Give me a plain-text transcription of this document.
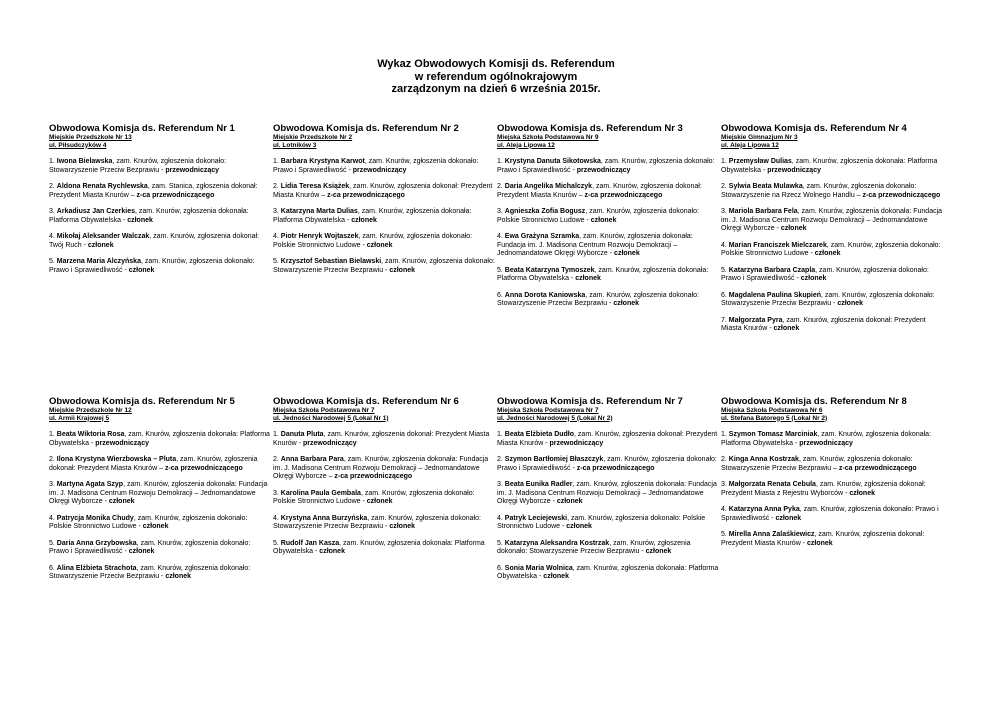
Wykaz Obwodowych Komisji ds. Referendum
w referendum ogólnokrajowym
zarządzonym na dzień 6 września 2015r.
Obwodowa Komisja ds. Referendum Nr 1
Miejskie Przedszkole Nr 13
ul. Piłsudczyków 4
1. Iwona Bielawska, zam. Knurów, zgłoszenia dokonało: Stowarzyszenie Przeciw Bezprawiu - przewodniczący
2. Aldona Renata Rychlewska, zam. Stanica, zgłoszenia dokonał: Prezydent Miasta Knurów – z-ca przewodniczącego
3. Arkadiusz Jan Czerkies, zam. Knurów, zgłoszenia dokonała: Platforma Obywatelska - członek
4. Mikołaj Aleksander Walczak, zam. Knurów, zgłoszenia dokonał: Twój Ruch - członek
5. Marzena Maria Alczyńska, zam. Knurów, zgłoszenia dokonało: Prawo i Sprawiedliwość - członek
Obwodowa Komisja ds. Referendum Nr 2
Miejskie Przedszkole Nr 2
ul. Lotników 3
1. Barbara Krystyna Karwot, zam. Knurów, zgłoszenia dokonało: Prawo i Sprawiedliwość - przewodniczący
2. Lidia Teresa Książek, zam. Knurów, zgłoszenia dokonał: Prezydent Miasta Knurów – z-ca przewodniczącego
3. Katarzyna Marta Dulias, zam. Knurów, zgłoszenia dokonała: Platforma Obywatelska - członek
4. Piotr Henryk Wojtaszek, zam. Knurów, zgłoszenia dokonało: Polskie Stronnictwo Ludowe - członek
5. Krzysztof Sebastian Bielawski, zam. Knurów, zgłoszenia dokonało: Stowarzyszenie Przeciw Bezprawiu - członek
Obwodowa Komisja ds. Referendum Nr 3
Miejska Szkoła Podstawowa Nr 9
ul. Aleja Lipowa 12
1. Krystyna Danuta Sikotowska, zam. Knurów, zgłoszenia dokonało: Prawo i Sprawiedliwość - przewodniczący
2. Daria Angelika Michalczyk, zam. Knurów, zgłoszenia dokonał: Prezydent Miasta Knurów – z-ca przewodniczącego
3. Agnieszka Zofia Bogusz, zam. Knurów, zgłoszenia dokonało: Polskie Stronnictwo Ludowe - członek
4. Ewa Grażyna Szramka, zam. Knurów, zgłoszenia dokonała: Fundacja im. J. Madisona Centrum Rozwoju Demokracji – Jednomandatowe Okręgi Wyborcze - członek
5. Beata Katarzyna Tymoszek, zam. Knurów, zgłoszenia dokonała: Platforma Obywatelska - członek
6. Anna Dorota Kaniowska, zam. Knurów, zgłoszenia dokonało: Stowarzyszenie Przeciw Bezprawiu - członek
Obwodowa Komisja ds. Referendum Nr 4
Miejskie Gimnazjum Nr 3
ul. Aleja Lipowa 12
1. Przemysław Dulias, zam. Knurów, zgłoszenia dokonała: Platforma Obywatelska - przewodniczący
2. Sylwia Beata Mulawka, zam. Knurów, zgłoszenia dokonało: Stowarzyszenie na Rzecz Wolnego Handlu – z-ca przewodniczącego
3. Mariola Barbara Fela, zam. Knurów, zgłoszenia dokonała: Fundacja im. J. Madisona Centrum Rozwoju Demokracji – Jednomandatowe Okręgi Wyborcze - członek
4. Marian Franciszek Mielczarek, zam. Knurów, zgłoszenia dokonało: Polskie Stronnictwo Ludowe - członek
5. Katarzyna Barbara Czapla, zam. Knurów, zgłoszenia dokonało: Prawo i Sprawiedliwość - członek
6. Magdalena Paulina Skupień, zam. Knurów, zgłoszenia dokonało: Stowarzyszenie Przeciw Bezprawiu - członek
7. Małgorzata Pyra, zam. Knurów, zgłoszenia dokonał: Prezydent Miasta Knurów - członek
Obwodowa Komisja ds. Referendum Nr 5
Miejskie Przedszkole Nr 12
ul. Armii Krajowej 5
1. Beata Wiktoria Rosa, zam. Knurów, zgłoszenia dokonała: Platforma Obywatelska - przewodniczący
2. Ilona Krystyna Wierzbowska – Pluta, zam. Knurów, zgłoszenia dokonał: Prezydent Miasta Knurów – z-ca przewodniczącego
3. Martyna Agata Szyp, zam. Knurów, zgłoszenia dokonała: Fundacja im. J. Madisona Centrum Rozwoju Demokracji – Jednomandatowe Okręgi Wyborcze - członek
4. Patrycja Monika Chudy, zam. Knurów, zgłoszenia dokonało: Polskie Stronnictwo Ludowe - członek
5. Daria Anna Grzybowska, zam. Knurów, zgłoszenia dokonało: Prawo i Sprawiedliwość - członek
6. Alina Elżbieta Strachota, zam. Knurów, zgłoszenia dokonało: Stowarzyszenie Przeciw Bezprawiu - członek
Obwodowa Komisja ds. Referendum Nr 6
Miejska Szkoła Podstawowa Nr 7
ul. Jedności Narodowej 5 (Lokal Nr 1)
1. Danuta Pluta, zam. Knurów, zgłoszenia dokonał: Prezydent Miasta Knurów - przewodniczący
2. Anna Barbara Para, zam. Knurów, zgłoszenia dokonała: Fundacja im. J. Madisona Centrum Rozwoju Demokracji – Jednomandatowe Okręgi Wyborcze – z-ca przewodniczącego
3. Karolina Paula Gembala, zam. Knurów, zgłoszenia dokonało: Polskie Stronnictwo Ludowe - członek
4. Krystyna Anna Burzyńska, zam. Knurów, zgłoszenia dokonało: Stowarzyszenie Przeciw Bezprawiu - członek
5. Rudolf Jan Kasza, zam. Knurów, zgłoszenia dokonała: Platforma Obywatelska - członek
Obwodowa Komisja ds. Referendum Nr 7
Miejska Szkoła Podstawowa Nr 7
ul. Jedności Narodowej 5 (Lokal Nr 2)
1. Beata Elżbieta Dudło, zam. Knurów, zgłoszenia dokonał: Prezydent Miasta Knurów - przewodniczący
2. Szymon Bartłomiej Błaszczyk, zam. Knurów, zgłoszenia dokonało: Prawo i Sprawiedliwość - z-ca przewodniczącego
3. Beata Eunika Radler, zam. Knurów, zgłoszenia dokonała: Fundacja im. J. Madisona Centrum Rozwoju Demokracji – Jednomandatowe Okręgi Wyborcze - członek
4. Patryk Leciejewski, zam. Knurów, zgłoszenia dokonało: Polskie Stronnictwo Ludowe - członek
5. Katarzyna Aleksandra Kostrzak, zam. Knurów, zgłoszenia dokonało: Stowarzyszenie Przeciw Bezprawiu - członek
6. Sonia Maria Wolnica, zam. Knurów, zgłoszenia dokonała: Platforma Obywatelska - członek
Obwodowa Komisja ds. Referendum Nr 8
Miejska Szkoła Podstawowa Nr 6
ul. Stefana Batorego 5 (Lokal Nr 2)
1. Szymon Tomasz Marciniak, zam. Knurów, zgłoszenia dokonała: Platforma Obywatelska - przewodniczący
2. Kinga Anna Kostrzak, zam. Knurów, zgłoszenia dokonało: Stowarzyszenie Przeciw Bezprawiu – z-ca przewodniczącego
3. Małgorzata Renata Cebula, zam. Knurów, zgłoszenia dokonał: Prezydent Miasta z Rejestru Wyborców - członek
4. Katarzyna Anna Pyka, zam. Knurów, zgłoszenia dokonało: Prawo i Sprawiedliwość - członek
5. Mirella Anna Zalaśkiewicz, zam. Knurów, zgłoszenia dokonał: Prezydent Miasta Knurów - członek
